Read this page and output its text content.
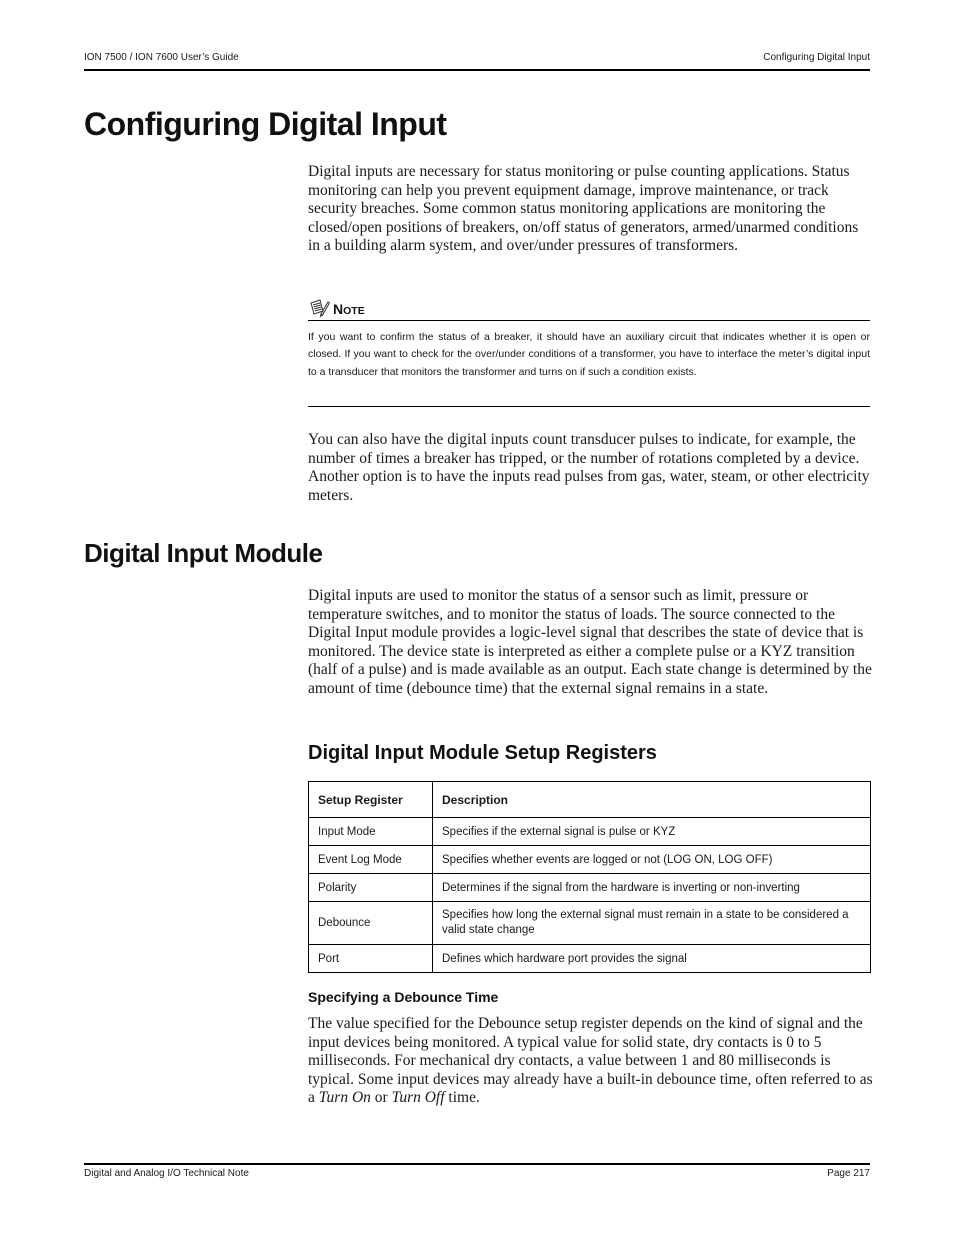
ION 7500 / ION 7600 User’s Guide	Configuring Digital Input
Configuring Digital Input
Digital inputs are necessary for status monitoring or pulse counting applications. Status monitoring can help you prevent equipment damage, improve maintenance, or track security breaches. Some common status monitoring applications are monitoring the closed/open positions of breakers, on/off status of generators, armed/unarmed conditions in a building alarm system, and over/under pressures of transformers.
NOTE
If you want to confirm the status of a breaker, it should have an auxiliary circuit that indicates whether it is open or closed. If you want to check for the over/under conditions of a transformer, you have to interface the meter’s digital input to a transducer that monitors the transformer and turns on if such a condition exists.
You can also have the digital inputs count transducer pulses to indicate, for example, the number of times a breaker has tripped, or the number of rotations completed by a device. Another option is to have the inputs read pulses from gas, water, steam, or other electricity meters.
Digital Input Module
Digital inputs are used to monitor the status of a sensor such as limit, pressure or temperature switches, and to monitor the status of loads. The source connected to the Digital Input module provides a logic-level signal that describes the state of device that is monitored. The device state is interpreted as either a complete pulse or a KYZ transition (half of a pulse) and is made available as an output. Each state change is determined by the amount of time (debounce time) that the external signal remains in a state.
Digital Input Module Setup Registers
Setup Register	Description
Input Mode	Specifies if the external signal is pulse or KYZ
Event Log Mode	Specifies whether events are logged or not (LOG ON, LOG OFF)
Polarity	Determines if the signal from the hardware is inverting or non-inverting
Debounce	Specifies how long the external signal must remain in a state to be considered a valid state change
Port	Defines which hardware port provides the signal
Specifying a Debounce Time
The value specified for the Debounce setup register depends on the kind of signal and the input devices being monitored. A typical value for solid state, dry contacts is 0 to 5 milliseconds. For mechanical dry contacts, a value between 1 and 80 milliseconds is typical. Some input devices may already have a built-in debounce time, often referred to as a Turn On or Turn Off time.
Digital and Analog I/O Technical Note	Page 217
